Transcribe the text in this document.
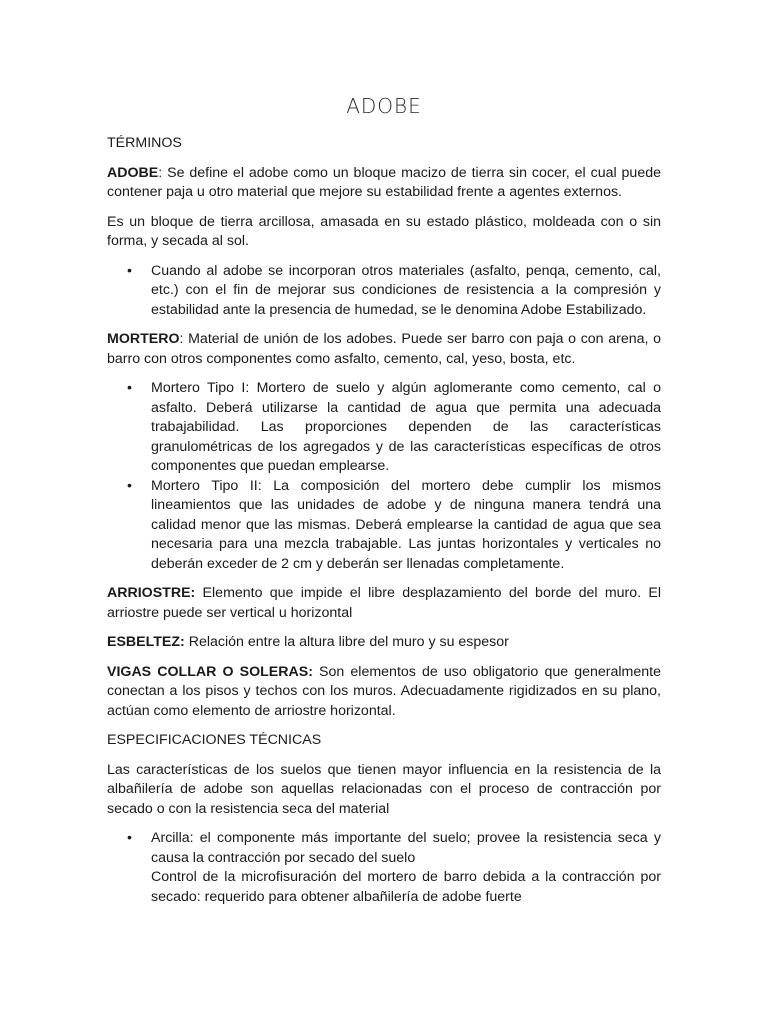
ADOBE

TÉRMINOS

ADOBE: Se define el adobe como un bloque macizo de tierra sin cocer, el cual puede contener paja u otro material que mejore su estabilidad frente a agentes externos.

Es un bloque de tierra arcillosa, amasada en su estado plástico, moldeada con o sin forma, y secada al sol.

• Cuando al adobe se incorporan otros materiales (asfalto, penqa, cemento, cal, etc.) con el fin de mejorar sus condiciones de resistencia a la compresión y estabilidad ante la presencia de humedad, se le denomina Adobe Estabilizado.

MORTERO: Material de unión de los adobes. Puede ser barro con paja o con arena, o barro con otros componentes como asfalto, cemento, cal, yeso, bosta, etc.

• Mortero Tipo I: Mortero de suelo y algún aglomerante como cemento, cal o asfalto. Deberá utilizarse la cantidad de agua que permita una adecuada trabajabilidad. Las proporciones dependen de las características granulométricas de los agregados y de las características específicas de otros componentes que puedan emplearse.
• Mortero Tipo II: La composición del mortero debe cumplir los mismos lineamientos que las unidades de adobe y de ninguna manera tendrá una calidad menor que las mismas. Deberá emplearse la cantidad de agua que sea necesaria para una mezcla trabajable. Las juntas horizontales y verticales no deberán exceder de 2 cm y deberán ser llenadas completamente.

ARRIOSTRE: Elemento que impide el libre desplazamiento del borde del muro. El arriostre puede ser vertical u horizontal

ESBELTEZ: Relación entre la altura libre del muro y su espesor

VIGAS COLLAR O SOLERAS: Son elementos de uso obligatorio que generalmente conectan a los pisos y techos con los muros. Adecuadamente rigidizados en su plano, actúan como elemento de arriostre horizontal.

ESPECIFICACIONES TÉCNICAS

Las características de los suelos que tienen mayor influencia en la resistencia de la albañilería de adobe son aquellas relacionadas con el proceso de contracción por secado o con la resistencia seca del material

• Arcilla: el componente más importante del suelo; provee la resistencia seca y causa la contracción por secado del suelo
Control de la microfisuración del mortero de barro debida a la contracción por secado: requerido para obtener albañilería de adobe fuerte
